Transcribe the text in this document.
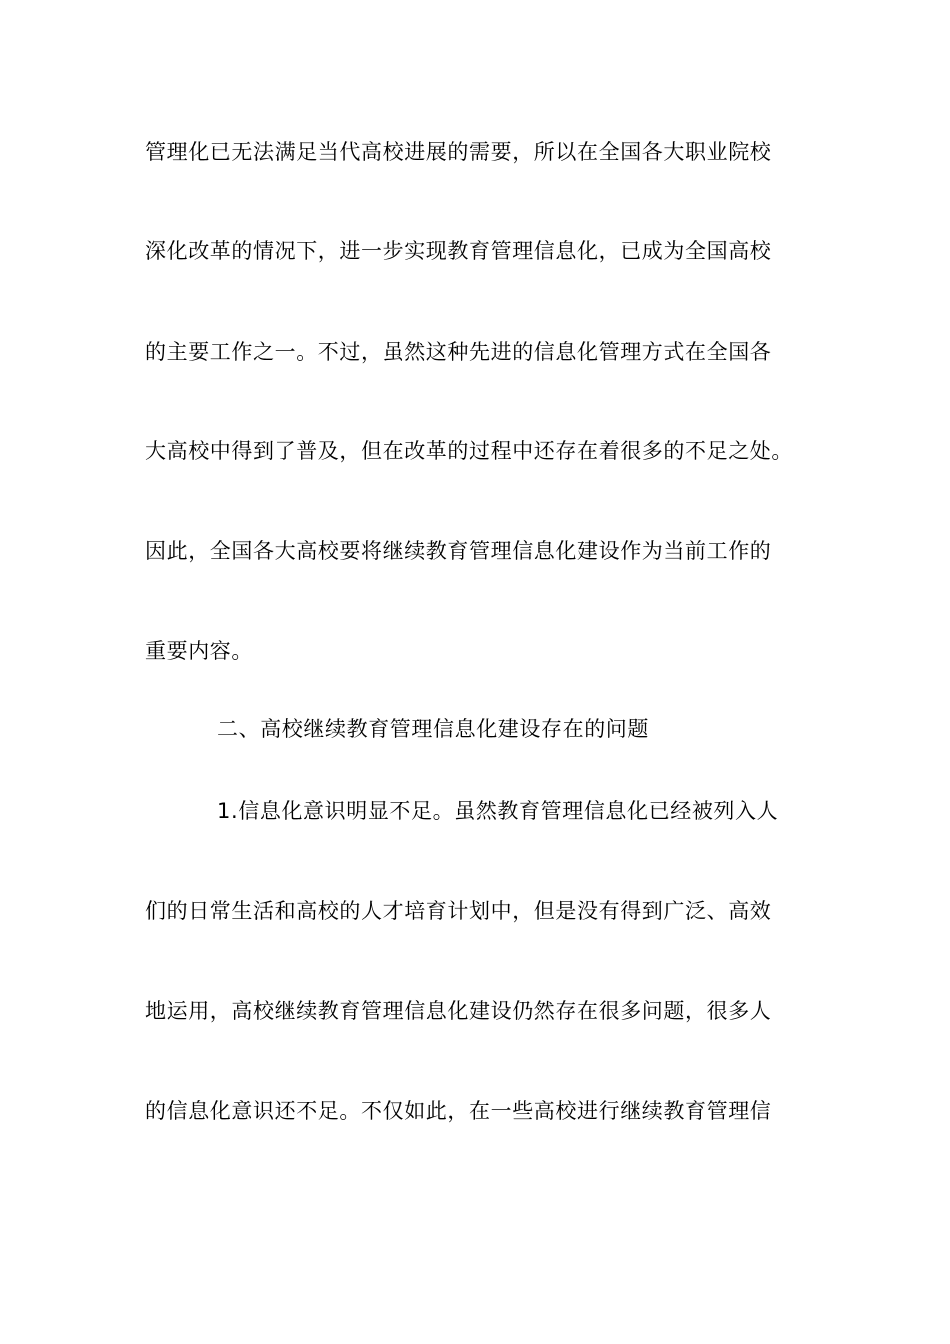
管理化已无法满足当代高校进展的需要，所以在全国各大职业院校
深化改革的情况下，进一步实现教育管理信息化，已成为全国高校
的主要工作之一。不过，虽然这种先进的信息化管理方式在全国各
大高校中得到了普及，但在改革的过程中还存在着很多的不足之处。
因此，全国各大高校要将继续教育管理信息化建设作为当前工作的
重要内容。
二、高校继续教育管理信息化建设存在的问题
1.信息化意识明显不足。虽然教育管理信息化已经被列入人
们的日常生活和高校的人才培育计划中，但是没有得到广泛、高效
地运用，高校继续教育管理信息化建设仍然存在很多问题，很多人
的信息化意识还不足。不仅如此，在一些高校进行继续教育管理信
